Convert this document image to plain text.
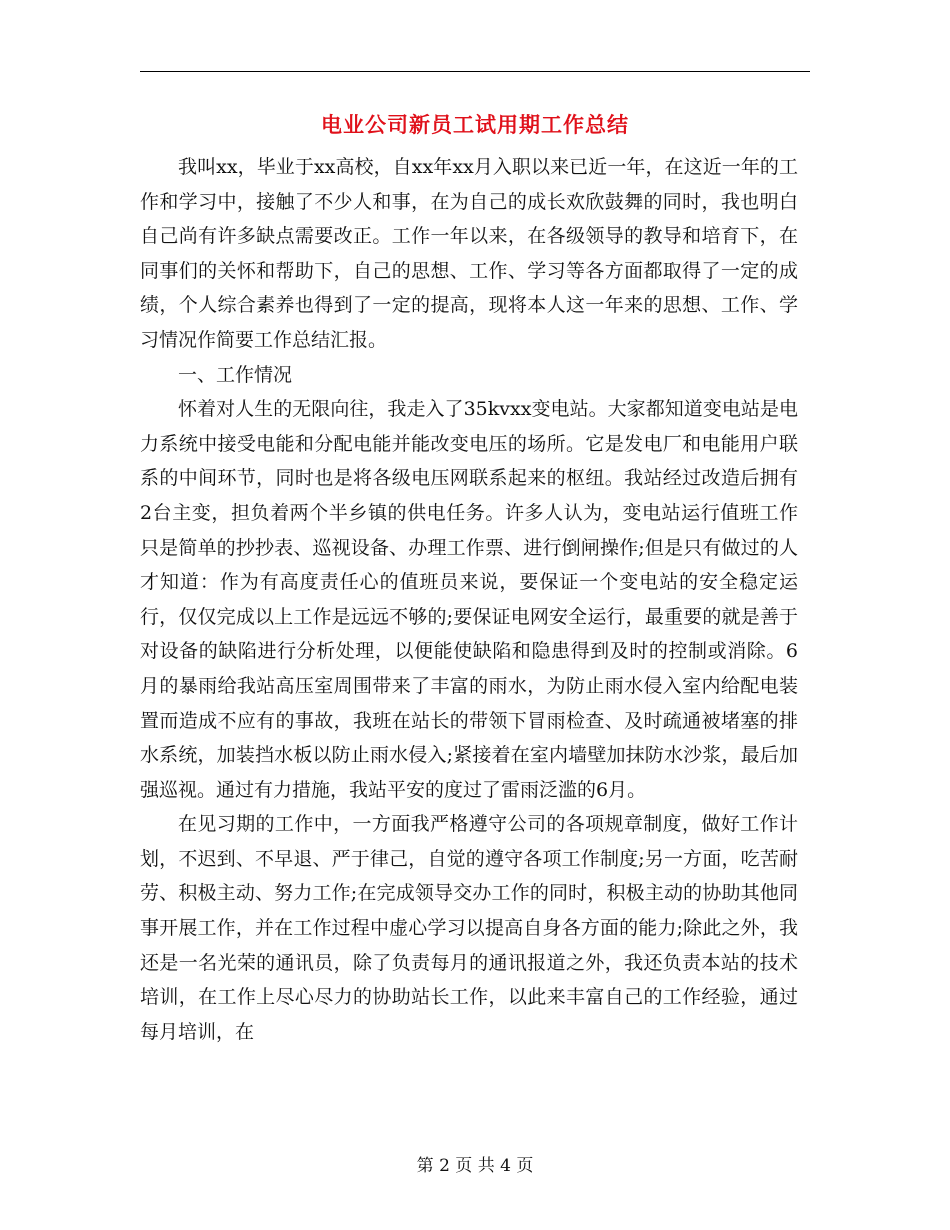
电业公司新员工试用期工作总结

我叫xx，毕业于xx高校，自xx年xx月入职以来已近一年，在这近一年的工作和学习中，接触了不少人和事，在为自己的成长欢欣鼓舞的同时，我也明白自己尚有许多缺点需要改正。工作一年以来，在各级领导的教导和培育下，在同事们的关怀和帮助下，自己的思想、工作、学习等各方面都取得了一定的成绩，个人综合素养也得到了一定的提高，现将本人这一年来的思想、工作、学习情况作简要工作总结汇报。

一、工作情况

怀着对人生的无限向往，我走入了35kvxx变电站。大家都知道变电站是电力系统中接受电能和分配电能并能改变电压的场所。它是发电厂和电能用户联系的中间环节，同时也是将各级电压网联系起来的枢纽。我站经过改造后拥有2台主变，担负着两个半乡镇的供电任务。许多人认为，变电站运行值班工作只是简单的抄抄表、巡视设备、办理工作票、进行倒闸操作;但是只有做过的人才知道：作为有高度责任心的值班员来说，要保证一个变电站的安全稳定运行，仅仅完成以上工作是远远不够的;要保证电网安全运行，最重要的就是善于对设备的缺陷进行分析处理，以便能使缺陷和隐患得到及时的控制或消除。6月的暴雨给我站高压室周围带来了丰富的雨水，为防止雨水侵入室内给配电装置而造成不应有的事故，我班在站长的带领下冒雨检查、及时疏通被堵塞的排水系统，加装挡水板以防止雨水侵入;紧接着在室内墙壁加抹防水沙浆，最后加强巡视。通过有力措施，我站平安的度过了雷雨泛滥的6月。

在见习期的工作中，一方面我严格遵守公司的各项规章制度，做好工作计划，不迟到、不早退、严于律己，自觉的遵守各项工作制度;另一方面，吃苦耐劳、积极主动、努力工作;在完成领导交办工作的同时，积极主动的协助其他同事开展工作，并在工作过程中虚心学习以提高自身各方面的能力;除此之外，我还是一名光荣的通讯员，除了负责每月的通讯报道之外，我还负责本站的技术培训，在工作上尽心尽力的协助站长工作，以此来丰富自己的工作经验，通过每月培训，在

第 2 页 共 4 页
